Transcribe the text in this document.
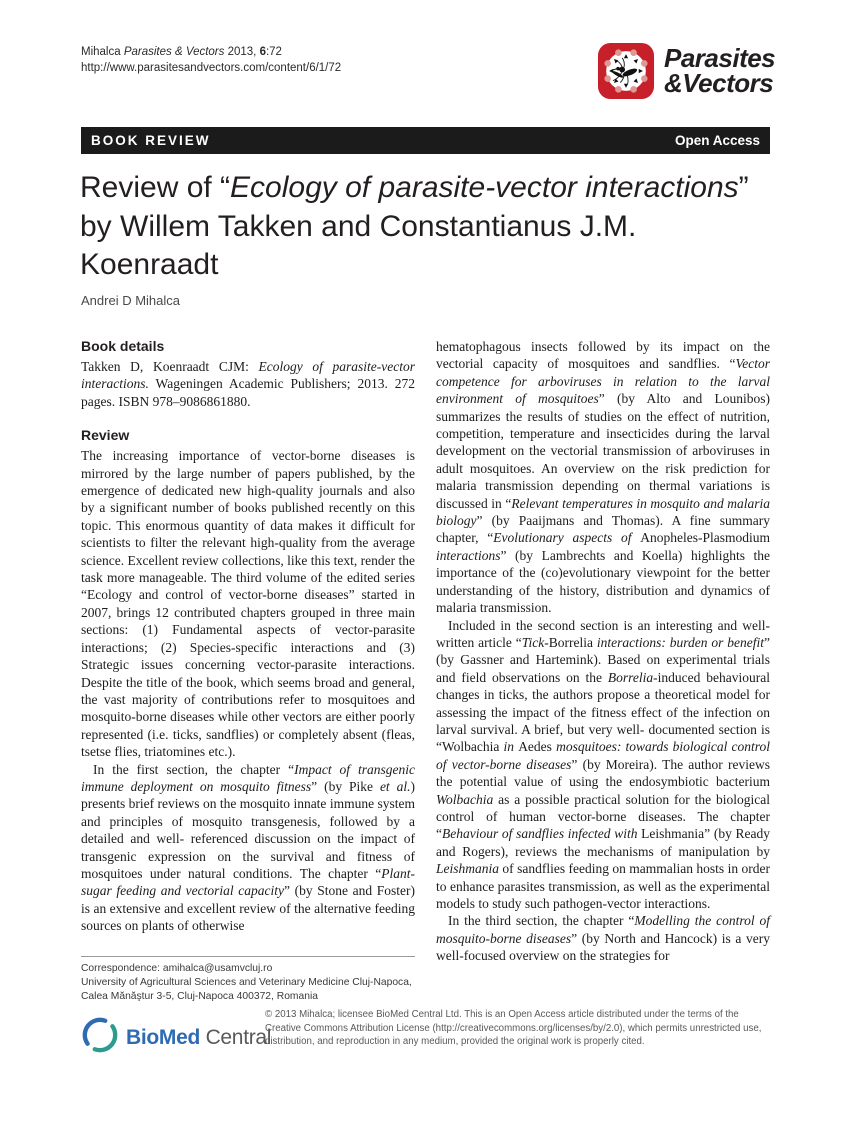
Mihalca Parasites & Vectors 2013, 6:72
http://www.parasitesandvectors.com/content/6/1/72	Parasites
&Vectors
BOOK REVIEW	Open Access
Review of “Ecology of parasite-vector interactions” by Willem Takken and Constantianus J.M. Koenraadt
Andrei D Mihalca
Book details

Takken D, Koenraadt CJM: Ecology of parasite-vector interactions. Wageningen Academic Publishers; 2013. 272 pages. ISBN 978–9086861880.

Review

The increasing importance of vector-borne diseases is mirrored by the large number of papers published, by the emergence of dedicated new high-quality journals and also by a significant number of books published recently on this topic. This enormous quantity of data makes it difficult for scientists to filter the relevant high-quality from the average science. Excellent review collections, like this text, render the task more manageable. The third volume of the edited series “Ecology and control of vector-borne diseases” started in 2007, brings 12 contributed chapters grouped in three main sections: (1) Fundamental aspects of vector-parasite interactions; (2) Species-specific interactions and (3) Strategic issues concerning vector-parasite interactions. Despite the title of the book, which seems broad and general, the vast majority of contributions refer to mosquitoes and mosquito-borne diseases while other vectors are either poorly represented (i.e. ticks, sandflies) or completely absent (fleas, tsetse flies, triatomines etc.).

In the first section, the chapter “Impact of transgenic immune deployment on mosquito fitness” (by Pike et al.) presents brief reviews on the mosquito innate immune system and principles of mosquito transgenesis, followed by a detailed and well- referenced discussion on the impact of transgenic expression on the survival and fitness of mosquitoes under natural conditions. The chapter “Plant-sugar feeding and vectorial capacity” (by Stone and Foster) is an extensive and excellent review of the alternative feeding sources on plants of otherwise

hematophagous insects followed by its impact on the vectorial capacity of mosquitoes and sandflies. “Vector competence for arboviruses in relation to the larval environment of mosquitoes” (by Alto and Lounibos) summarizes the results of studies on the effect of nutrition, competition, temperature and insecticides during the larval development on the vectorial transmission of arboviruses in adult mosquitoes. An overview on the risk prediction for malaria transmission depending on thermal variations is discussed in “Relevant temperatures in mosquito and malaria biology” (by Paaijmans and Thomas). A fine summary chapter, “Evolutionary aspects of Anopheles-Plasmodium interactions” (by Lambrechts and Koella) highlights the importance of the (co)evolutionary viewpoint for the better understanding of the history, distribution and dynamics of malaria transmission.

Included in the second section is an interesting and well-written article “Tick-Borrelia interactions: burden or benefit” (by Gassner and Hartemink). Based on experimental trials and field observations on the Borrelia-induced behavioural changes in ticks, the authors propose a theoretical model for assessing the impact of the fitness effect of the infection on larval survival. A brief, but very well- documented section is “Wolbachia in Aedes mosquitoes: towards biological control of vector-borne diseases” (by Moreira). The author reviews the potential value of using the endosymbiotic bacterium Wolbachia as a possible practical solution for the biological control of human vector-borne diseases. The chapter “Behaviour of sandflies infected with Leishmania” (by Ready and Rogers), reviews the mechanisms of manipulation by Leishmania of sandflies feeding on mammalian hosts in order to enhance parasites transmission, as well as the experimental models to study such pathogen-vector interactions.

In the third section, the chapter “Modelling the control of mosquito-borne diseases” (by North and Hancock) is a very well-focused overview on the strategies for

Correspondence: amihalca@usamvcluj.ro
University of Agricultural Sciences and Veterinary Medicine Cluj-Napoca,
Calea Mănăştur 3-5, Cluj-Napoca 400372, Romania
BioMed Central
© 2013 Mihalca; licensee BioMed Central Ltd. This is an Open Access article distributed under the terms of the Creative Commons Attribution License (http://creativecommons.org/licenses/by/2.0), which permits unrestricted use, distribution, and reproduction in any medium, provided the original work is properly cited.
